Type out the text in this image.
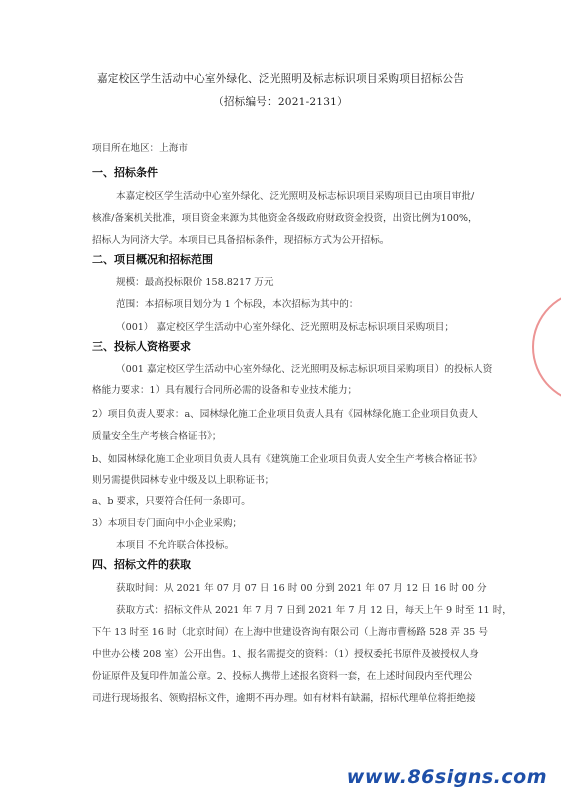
嘉定校区学生活动中心室外绿化、泛光照明及标志标识项目采购项目招标公告
（招标编号：2021-2131）
项目所在地区：上海市
一、招标条件
本嘉定校区学生活动中心室外绿化、泛光照明及标志标识项目采购项目已由项目审批/
核准/备案机关批准，项目资金来源为其他资金各级政府财政资金投资，出资比例为100%，
招标人为同济大学。本项目已具备招标条件，现招标方式为公开招标。
二、项目概况和招标范围
规模：最高投标限价 158.8217 万元
范围：本招标项目划分为 1 个标段，本次招标为其中的：
（001） 嘉定校区学生活动中心室外绿化、泛光照明及标志标识项目采购项目；
三、投标人资格要求
（001 嘉定校区学生活动中心室外绿化、泛光照明及标志标识项目采购项目）的投标人资
格能力要求：1）具有履行合同所必需的设备和专业技术能力；
2）项目负责人要求：a、园林绿化施工企业项目负责人具有《园林绿化施工企业项目负责人
质量安全生产考核合格证书》；
b、如园林绿化施工企业项目负责人具有《建筑施工企业项目负责人安全生产考核合格证书》
则另需提供园林专业中级及以上职称证书；
a、b 要求，只要符合任何一条即可。
3）本项目专门面向中小企业采购；
本项目 不允许联合体投标。
四、招标文件的获取
获取时间：从 2021 年 07 月 07 日 16 时 00 分到 2021 年 07 月 12 日 16 时 00 分
获取方式：招标文件从 2021 年 7 月 7 日到 2021 年 7 月 12 日，每天上午 9 时至 11 时，
下午 13 时至 16 时（北京时间）在上海中世建设咨询有限公司（上海市曹杨路 528 弄 35 号
中世办公楼 208 室）公开出售。1、报名需提交的资料：（1）授权委托书原件及被授权人身
份证原件及复印件加盖公章。2、投标人携带上述报名资料一套，在上述时间段内至代理公
司进行现场报名、领购招标文件，逾期不再办理。如有材料有缺漏，招标代理单位将拒绝接
www.86signs.com
